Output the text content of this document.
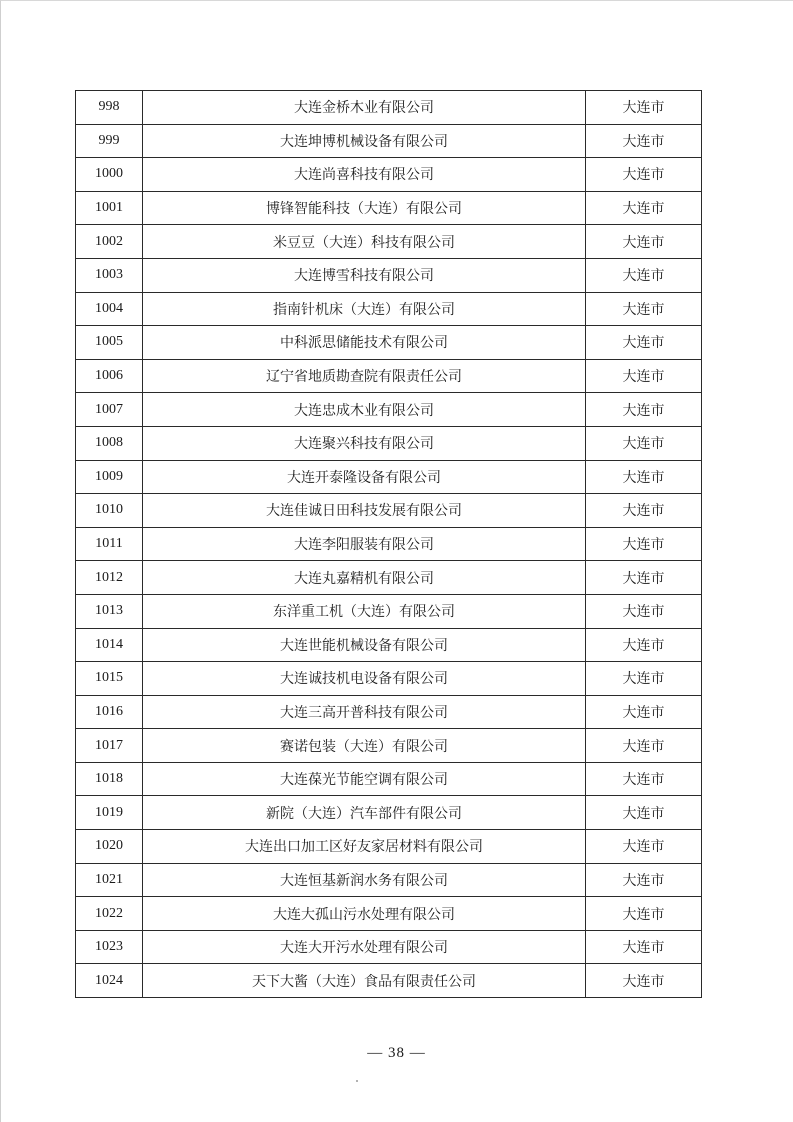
998	大连金桥木业有限公司	大连市
999	大连坤博机械设备有限公司	大连市
1000	大连尚喜科技有限公司	大连市
1001	博锋智能科技（大连）有限公司	大连市
1002	米豆豆（大连）科技有限公司	大连市
1003	大连博雪科技有限公司	大连市
1004	指南针机床（大连）有限公司	大连市
1005	中科派思储能技术有限公司	大连市
1006	辽宁省地质勘查院有限责任公司	大连市
1007	大连忠成木业有限公司	大连市
1008	大连聚兴科技有限公司	大连市
1009	大连开泰隆设备有限公司	大连市
1010	大连佳诚日田科技发展有限公司	大连市
1011	大连李阳服装有限公司	大连市
1012	大连丸嘉精机有限公司	大连市
1013	东洋重工机（大连）有限公司	大连市
1014	大连世能机械设备有限公司	大连市
1015	大连诚技机电设备有限公司	大连市
1016	大连三高开普科技有限公司	大连市
1017	赛诺包装（大连）有限公司	大连市
1018	大连葆光节能空调有限公司	大连市
1019	新院（大连）汽车部件有限公司	大连市
1020	大连出口加工区好友家居材料有限公司	大连市
1021	大连恒基新润水务有限公司	大连市
1022	大连大孤山污水处理有限公司	大连市
1023	大连大开污水处理有限公司	大连市
1024	天下大酱（大连）食品有限责任公司	大连市
— 38 —
